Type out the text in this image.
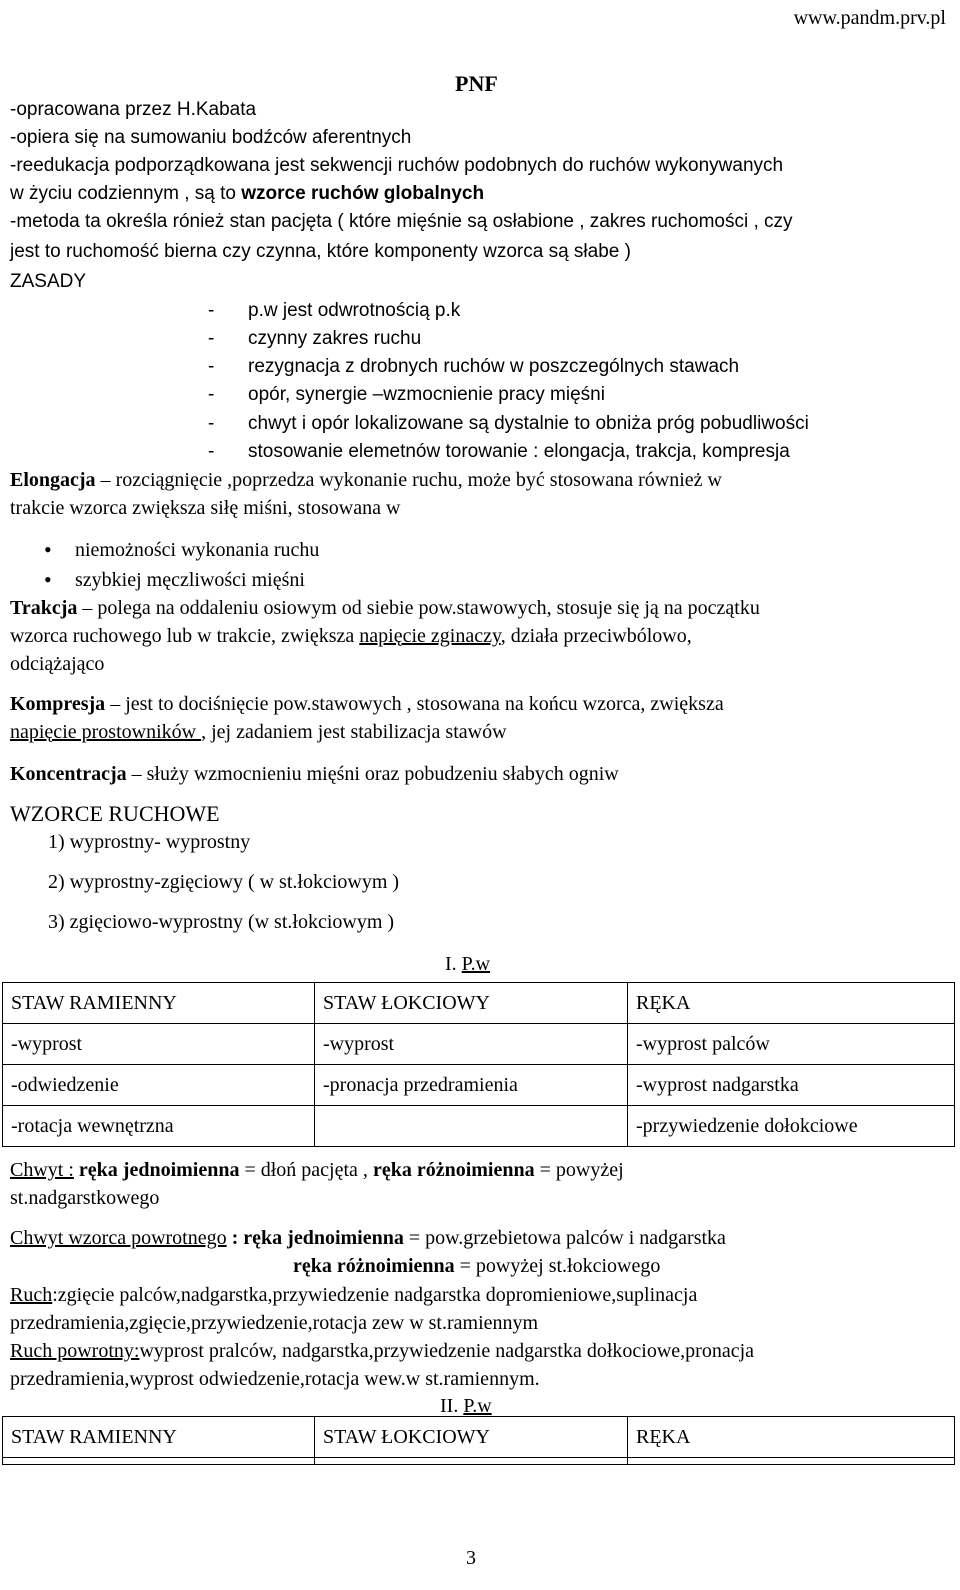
www.pandm.prv.pl
PNF
-opracowana przez H.Kabata
-opiera się na sumowaniu bodźców aferentnych
-reedukacja podporządkowana jest sekwencji ruchów podobnych do ruchów wykonywanych
w życiu codziennym , są to wzorce ruchów globalnych
-metoda ta określa rónież stan pacjęta ( które mięśnie są osłabione , zakres ruchomości , czy
jest to ruchomość bierna czy czynna, które komponenty wzorca są słabe )
ZASADY
- p.w jest odwrotnością p.k
- czynny zakres ruchu
- rezygnacja z drobnych ruchów w poszczególnych stawach
- opór, synergie –wzmocnienie pracy mięśni
- chwyt i opór lokalizowane są dystalnie to obniża próg pobudliwości
- stosowanie elemetnów torowanie : elongacja, trakcja, kompresja
Elongacja – rozciągnięcie ,poprzedza wykonanie ruchu, może być stosowana również w
trakcie wzorca zwiększa siłę miśni, stosowana w
• niemożności wykonania ruchu
• szybkiej męczliwości mięśni
Trakcja – polega na oddaleniu osiowym od siebie pow.stawowych, stosuje się ją na początku
wzorca ruchowego lub w trakcie, zwiększa napięcie zginaczy, działa przeciwbólowo,
odciążająco
Kompresja – jest to dociśnięcie pow.stawowych , stosowana na końcu wzorca, zwiększa
napięcie prostowników , jej zadaniem jest stabilizacja stawów
Koncentracja – służy wzmocnieniu mięśni oraz pobudzeniu słabych ogniw
WZORCE RUCHOWE
1) wyprostny- wyprostny
2) wyprostny-zgięciowy ( w st.łokciowym )
3) zgięciowo-wyprostny (w st.łokciowym )
I. P.w
STAW RAMIENNY	STAW ŁOKCIOWY	RĘKA
-wyprost	-wyprost	-wyprost palców
-odwiedzenie	-pronacja przedramienia	-wyprost nadgarstka
-rotacja wewnętrzna		-przywiedzenie dołokciowe
Chwyt : ręka jednoimienna = dłoń pacjęta , ręka różnoimienna = powyżej
st.nadgarstkowego
Chwyt wzorca powrotnego : ręka jednoimienna = pow.grzebietowa palców i nadgarstka
ręka różnoimienna = powyżej st.łokciowego
Ruch:zgięcie palców,nadgarstka,przywiedzenie nadgarstka dopromieniowe,suplinacja
przedramienia,zgięcie,przywiedzenie,rotacja zew w st.ramiennym
Ruch powrotny:wyprost pralców, nadgarstka,przywiedzenie nadgarstka dołkociowe,pronacja
przedramienia,wyprost odwiedzenie,rotacja wew.w st.ramiennym.
II. P.w
STAW RAMIENNY	STAW ŁOKCIOWY	RĘKA

3
